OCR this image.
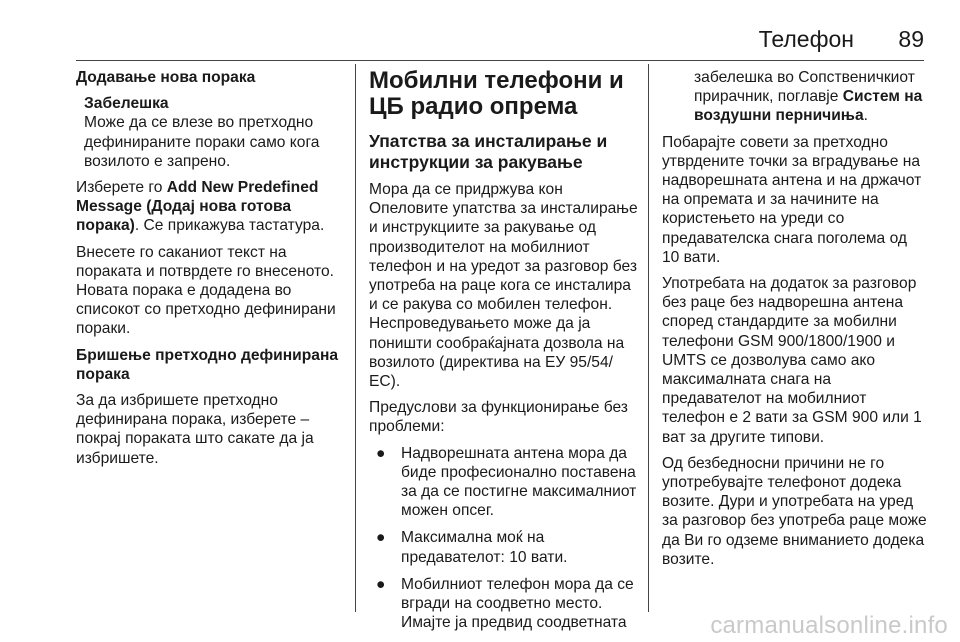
Телефон 89

Додавање нова порака

Забелешка
Може да се влезе во претходно дефинираните пораки само кога возилото е запрено.

Изберете го Add New Predefined Message (Додај нова готова порака). Се прикажува тастатура.

Внесете го саканиот текст на пораката и потврдете го внесеното. Новата порака е додадена во списокот со претходно дефинирани пораки.

Бришење претходно дефинирана порака

За да избришете претходно дефинирана порака, изберете – покрај пораката што сакате да ја избришете.

Мобилни телефони и ЦБ радио опрема
Упатства за инсталирање и инструкции за ракување

Мора да се придржува кон Опеловите упатства за инсталирање и инструкциите за ракување од производителот на мобилниот телефон и на уредот за разговор без употреба на раце кога се инсталира и се ракува со мобилен телефон.

Неспроведувањето може да ја поништи сообраќајната дозвола на возилото (директива на ЕУ 95/54/ЕС).

Предуслови за функционирање без проблеми:

● Надворешната антена мора да биде професионално поставена за да се постигне максималниот можен опсег.
● Максимална моќ на предавателот: 10 вати.
● Мобилниот телефон мора да се вгради на соодветно место. Имајте ја предвид соодветната

забелешка во Сопственичкиот прирачник, поглавје Систем на воздушни перничиња.

Побарајте совети за претходно утврдените точки за вградување на надворешната антена и на држачот на опремата и за начините на користењето на уреди со предавателска снага поголема од 10 вати.

Употребата на додаток за разговор без раце без надворешна антена според стандардите за мобилни телефони GSM 900/1800/1900 и UMTS се дозволува само ако максималната снага на предавателот на мобилниот телефон е 2 вати за GSM 900 или 1 ват за другите типови.

Од безбедносни причини не го употребувајте телефонот додека возите. Дури и употребата на уред за разговор без употреба раце може да Ви го одземе вниманието додека возите.

carmanualsonline.info
